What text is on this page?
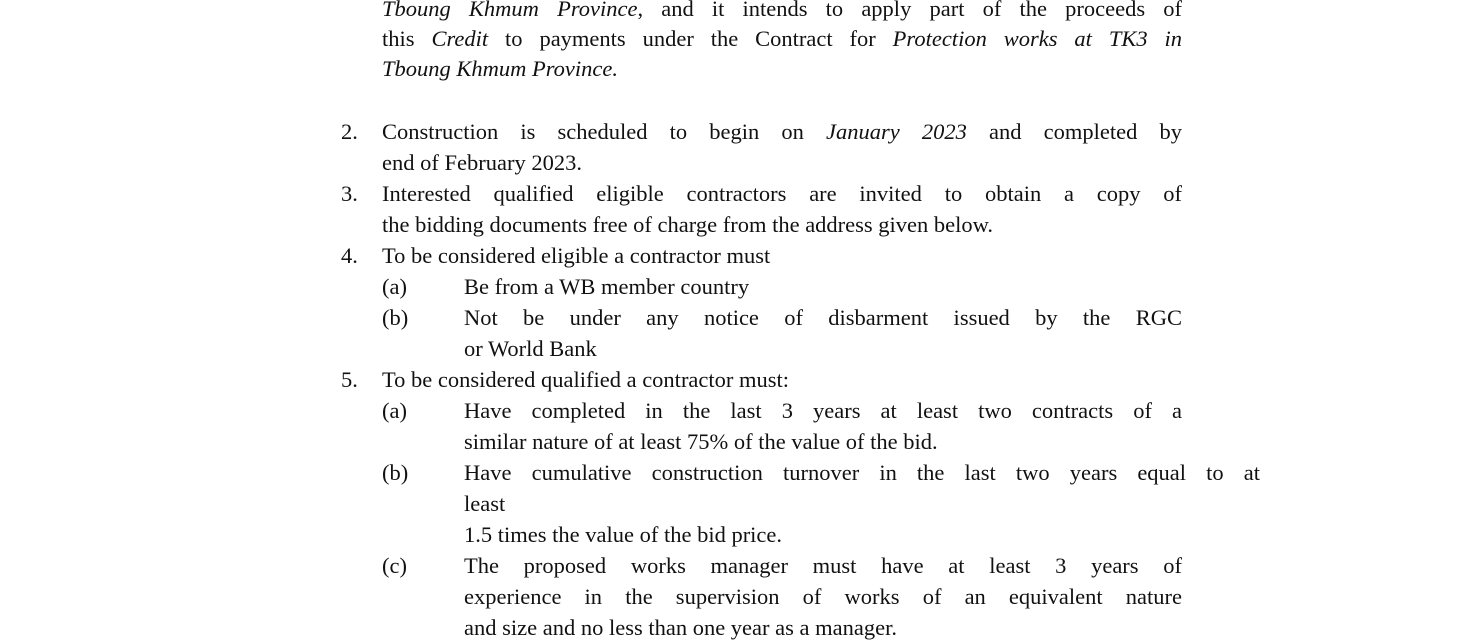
Tboung Khmum Province, and it intends to apply part of the proceeds of
this Credit to payments under the Contract for Protection works at TK3 in
Tboung Khmum Province.
2. Construction is scheduled to begin on January 2023 and completed by
end of February 2023.
3. Interested qualified eligible contractors are invited to obtain a copy of
the bidding documents free of charge from the address given below.
4. To be considered eligible a contractor must
(a)	Be from a WB member country
(b) Not be under any notice of disbarment issued by the RGC
or World Bank
5. To be considered qualified a contractor must:
(a)	Have completed in the last 3 years at least two contracts of a
similar nature of at least 75% of the value of the bid.
(b) Have cumulative construction turnover in the last two years equal to at
least
1.5 times the value of the bid price.
(c)	The proposed works manager must have at least 3 years of
experience in the supervision of works of an equivalent nature
and size and no less than one year as a manager.
